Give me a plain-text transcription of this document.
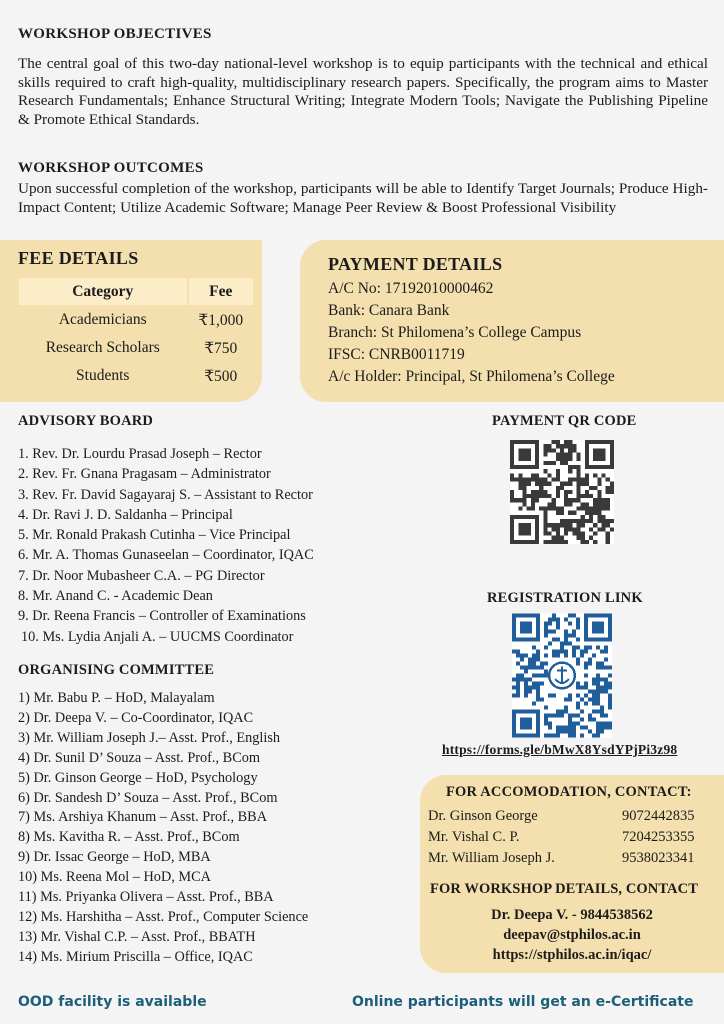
WORKSHOP OBJECTIVES

The central goal of this two-day national-level workshop is to equip participants with the technical and ethical skills required to craft high-quality, multidisciplinary research papers. Specifically, the program aims to Master Research Fundamentals; Enhance Structural Writing; Integrate Modern Tools; Navigate the Publishing Pipeline & Promote Ethical Standards.

WORKSHOP OUTCOMES

Upon successful completion of the workshop, participants will be able to Identify Target Journals; Produce High-Impact Content; Utilize Academic Software; Manage Peer Review & Boost Professional Visibility

FEE DETAILS
Category	Fee
Academicians	₹1,000
Research Scholars	₹750
Students	₹500
PAYMENT DETAILS
A/C No: 17192010000462
Bank: Canara Bank
Branch: St Philomena’s College Campus
IFSC: CNRB0011719
A/c Holder: Principal, St Philomena’s College
ADVISORY BOARD
1. Rev. Dr. Lourdu Prasad Joseph – Rector
2. Rev. Fr. Gnana Pragasam – Administrator
3. Rev. Fr. David Sagayaraj S. – Assistant to Rector
4. Dr. Ravi J. D. Saldanha – Principal
5. Mr. Ronald Prakash Cutinha – Vice Principal
6. Mr. A. Thomas Gunaseelan – Coordinator, IQAC
7. Dr. Noor Mubasheer C.A. – PG Director
8. Mr. Anand C. - Academic Dean
9. Dr. Reena Francis – Controller of Examinations
10. Ms. Lydia Anjali A. – UUCMS Coordinator
ORGANISING COMMITTEE
1) Mr. Babu P. – HoD, Malayalam
2) Dr. Deepa V. – Co-Coordinator, IQAC
3) Mr. William Joseph J.– Asst. Prof., English
4) Dr. Sunil D’ Souza – Asst. Prof., BCom
5) Dr. Ginson George – HoD, Psychology
6) Dr. Sandesh D’ Souza – Asst. Prof., BCom
7) Ms. Arshiya Khanum – Asst. Prof., BBA
8) Ms. Kavitha R. – Asst. Prof., BCom
9) Dr. Issac George – HoD, MBA
10) Ms. Reena Mol – HoD, MCA
11) Ms. Priyanka Olivera – Asst. Prof., BBA
12) Ms. Harshitha – Asst. Prof., Computer Science
13) Mr. Vishal C.P. – Asst. Prof., BBATH
14) Ms. Mirium Priscilla – Office, IQAC
PAYMENT QR CODE
REGISTRATION LINK
https://forms.gle/bMwX8YsdYPjPi3z98
FOR ACCOMODATION, CONTACT:
Dr. Ginson George	9072442835
Mr. Vishal C. P.	7204253355
Mr. William Joseph J.	9538023341
FOR WORKSHOP DETAILS, CONTACT
Dr. Deepa V. - 9844538562
deepav@stphilos.ac.in
https://stphilos.ac.in/iqac/
OOD facility is available	Online participants will get an e-Certificate
